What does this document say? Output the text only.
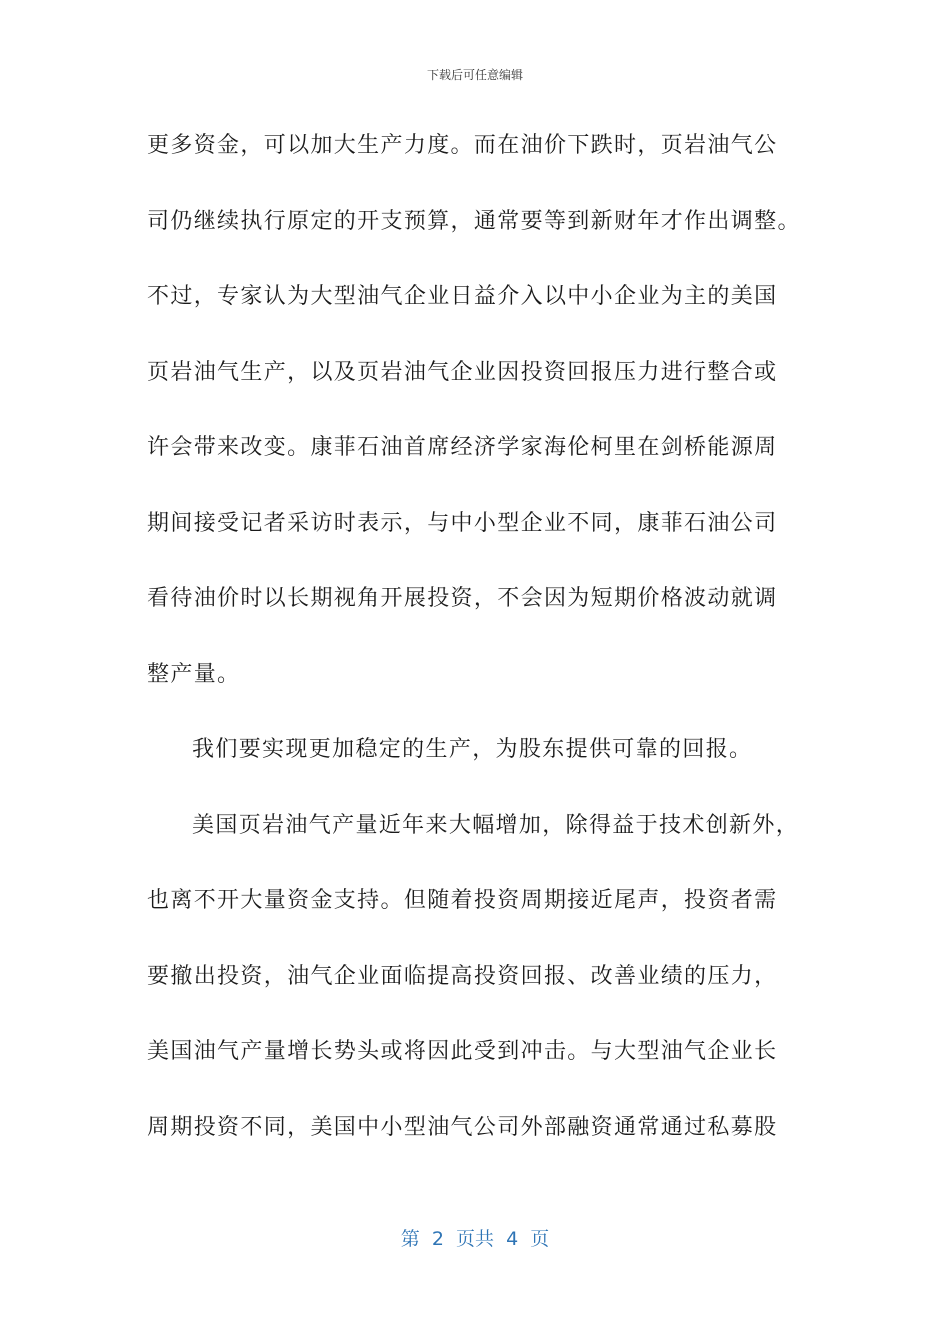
下载后可任意编辑
更多资金，可以加大生产力度。而在油价下跌时，页岩油气公
司仍继续执行原定的开支预算，通常要等到新财年才作出调整。
不过，专家认为大型油气企业日益介入以中小企业为主的美国
页岩油气生产，以及页岩油气企业因投资回报压力进行整合或
许会带来改变。康菲石油首席经济学家海伦柯里在剑桥能源周
期间接受记者采访时表示，与中小型企业不同，康菲石油公司
看待油价时以长期视角开展投资，不会因为短期价格波动就调
整产量。
我们要实现更加稳定的生产，为股东提供可靠的回报。
美国页岩油气产量近年来大幅增加，除得益于技术创新外，
也离不开大量资金支持。但随着投资周期接近尾声，投资者需
要撤出投资，油气企业面临提高投资回报、改善业绩的压力，
美国油气产量增长势头或将因此受到冲击。与大型油气企业长
周期投资不同，美国中小型油气公司外部融资通常通过私募股
第  2  页共  4  页
